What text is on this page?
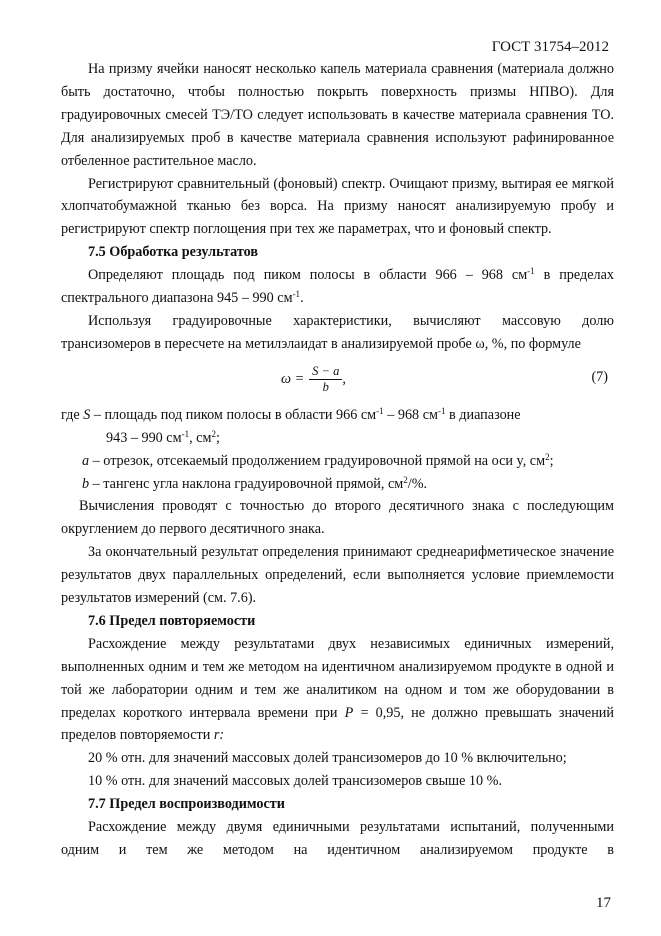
ГОСТ 31754–2012

На призму ячейки наносят несколько капель материала сравнения (материала должно быть достаточно, чтобы полностью покрыть поверхность призмы НПВО). Для градуировочных смесей ТЭ/ТО следует использовать в качестве материала сравнения ТО. Для анализируемых проб в качестве материала сравнения используют рафинированное отбеленное растительное масло.

Регистрируют сравнительный (фоновый) спектр. Очищают призму, вытирая ее мягкой хлопчатобумажной тканью без ворса. На призму наносят анализируемую пробу и регистрируют спектр поглощения при тех же параметрах, что и фоновый спектр.

7.5 Обработка результатов

Определяют площадь под пиком полосы в области 966 – 968 $см^{-1}$ в пределах спектрального диапазона 945 – 990 $см^{-1}$.

Используя градуировочные характеристики, вычисляют массовую долю трансизомеров в пересчете на метилэлаидат в анализируемой пробе ω, %, по формуле

$\omega = \frac{S - a}{b}$ ,	(7)

где S – площадь под пиком полосы в области 966 $см^{-1} - 968$ $см^{-1}$ в диапазоне

943 – 990 $см^{-1}$, $см^2$;

a – отрезок, отсекаемый продолжением градуировочной прямой на оси y, $см^2$;

b – тангенс угла наклона градуировочной прямой, $см^2/\%$.

Вычисления проводят с точностью до второго десятичного знака с последующим округлением до первого десятичного знака.

За окончательный результат определения принимают среднеарифметическое значение результатов двух параллельных определений, если выполняется условие приемлемости результатов измерений (см. 7.6).

7.6 Предел повторяемости

Расхождение между результатами двух независимых единичных измерений, выполненных одним и тем же методом на идентичном анализируемом продукте в одной и той же лаборатории одним и тем же аналитиком на одном и том же оборудовании в пределах короткого интервала времени при P = 0,95, не должно превышать значений пределов повторяемости r:

20 % отн. для значений массовых долей трансизомеров до 10 % включительно;

10 % отн. для значений массовых долей трансизомеров свыше 10 %.

7.7 Предел воспроизводимости

Расхождение между двумя единичными результатами испытаний, полученными одним и тем же методом на идентичном анализируемом продукте в

17
